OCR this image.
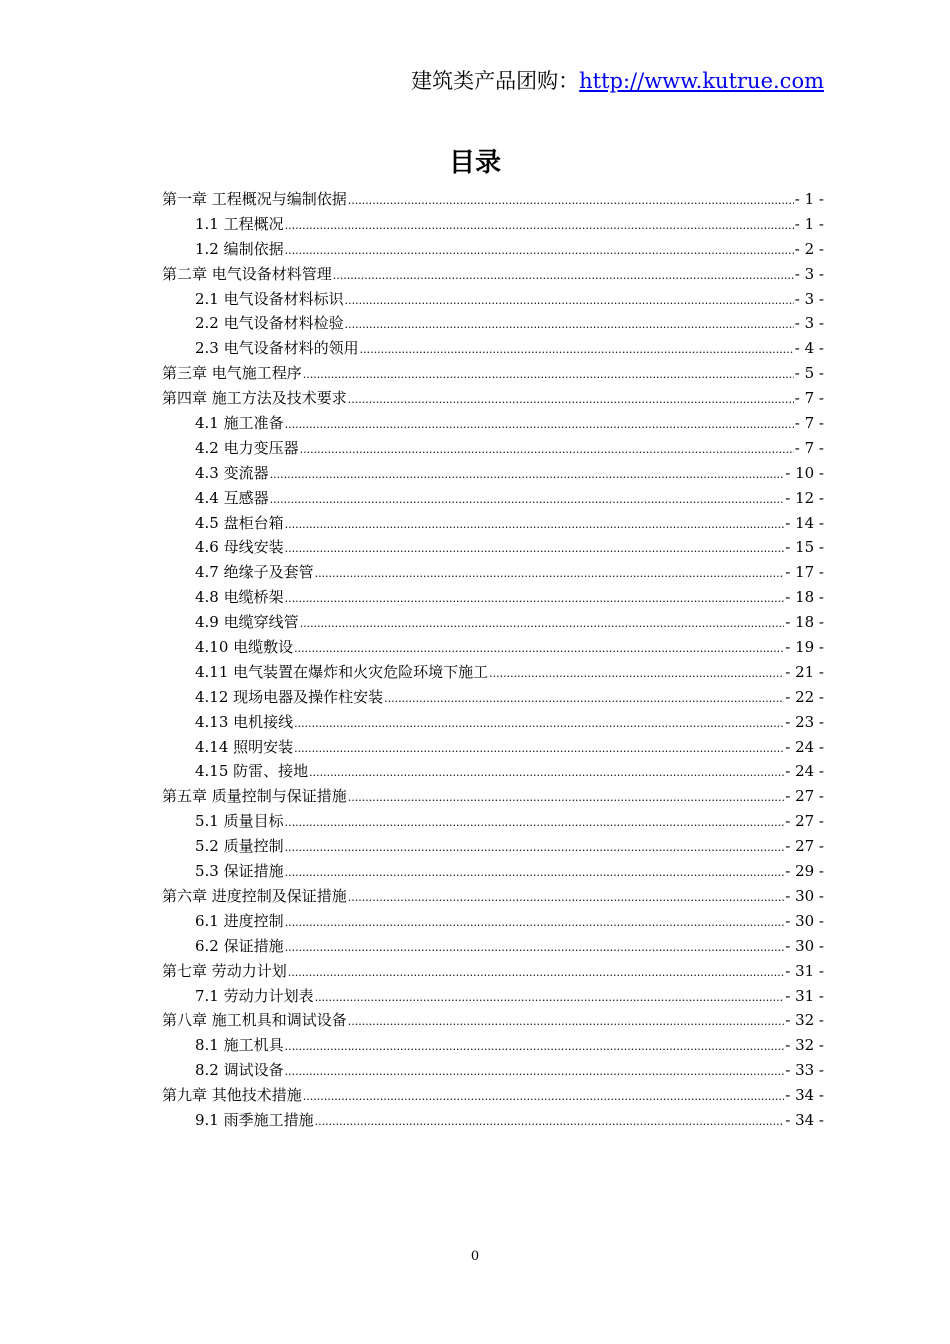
建筑类产品团购：http://www.kutrue.com
目录
第一章 工程概况与编制依据 .....	- 1 -
1.1 工程概况 .....	- 1 -
1.2 编制依据 .....	- 2 -
第二章 电气设备材料管理 .....	- 3 -
2.1 电气设备材料标识 .....	- 3 -
2.2 电气设备材料检验 .....	- 3 -
2.3 电气设备材料的领用 .....	- 4 -
第三章 电气施工程序 .....	- 5 -
第四章 施工方法及技术要求 .....	- 7 -
4.1 施工准备 .....	- 7 -
4.2 电力变压器 .....	- 7 -
4.3 变流器 .....	- 10 -
4.4 互感器 .....	- 12 -
4.5 盘柜台箱 .....	- 14 -
4.6 母线安装 .....	- 15 -
4.7 绝缘子及套管 .....	- 17 -
4.8 电缆桥架 .....	- 18 -
4.9 电缆穿线管 .....	- 18 -
4.10 电缆敷设 .....	- 19 -
4.11 电气装置在爆炸和火灾危险环境下施工 .....	- 21 -
4.12 现场电器及操作柱安装 .....	- 22 -
4.13 电机接线 .....	- 23 -
4.14 照明安装 .....	- 24 -
4.15 防雷、接地 .....	- 24 -
第五章 质量控制与保证措施 .....	- 27 -
5.1 质量目标 .....	- 27 -
5.2 质量控制 .....	- 27 -
5.3 保证措施 .....	- 29 -
第六章 进度控制及保证措施 .....	- 30 -
6.1 进度控制 .....	- 30 -
6.2 保证措施 .....	- 30 -
第七章 劳动力计划 .....	- 31 -
7.1 劳动力计划表 .....	- 31 -
第八章 施工机具和调试设备 .....	- 32 -
8.1 施工机具 .....	- 32 -
8.2 调试设备 .....	- 33 -
第九章 其他技术措施 .....	- 34 -
9.1 雨季施工措施 .....	- 34 -
0
